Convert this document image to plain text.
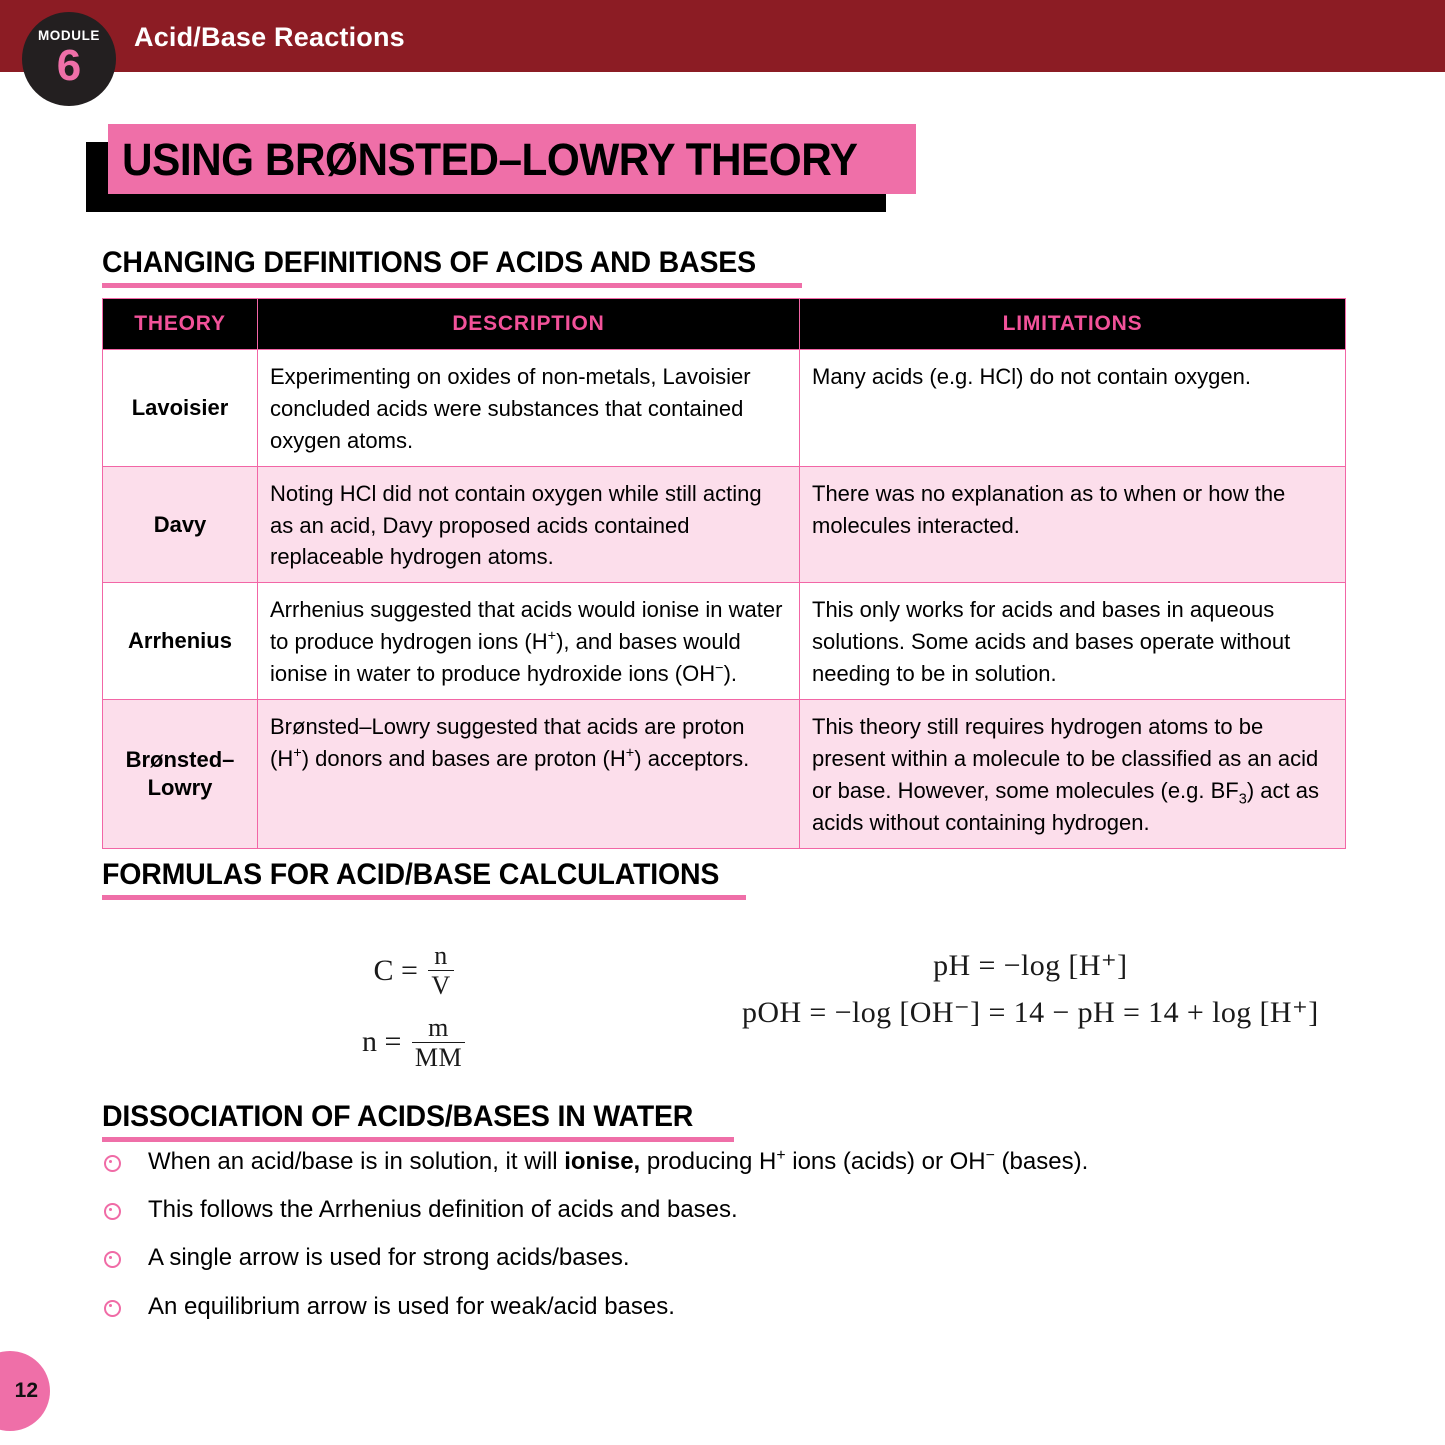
Acid/Base Reactions
MODULE
6
USING BRØNSTED–LOWRY THEORY
CHANGING DEFINITIONS OF ACIDS AND BASES
THEORY	DESCRIPTION	LIMITATIONS
Lavoisier	Experimenting on oxides of non-metals, Lavoisier concluded acids were substances that contained oxygen atoms.	Many acids (e.g. HCl) do not contain oxygen.
Davy	Noting HCl did not contain oxygen while still acting as an acid, Davy proposed acids contained replaceable hydrogen atoms.	There was no explanation as to when or how the molecules interacted.
Arrhenius	Arrhenius suggested that acids would ionise in water to produce hydrogen ions (H+), and bases would ionise in water to produce hydroxide ions (OH−).	This only works for acids and bases in aqueous solutions. Some acids and bases operate without needing to be in solution.
Brønsted–Lowry	Brønsted–Lowry suggested that acids are proton (H+) donors and bases are proton (H+) acceptors.	This theory still requires hydrogen atoms to be present within a molecule to be classified as an acid or base. However, some molecules (e.g. $BF_3$) act as acids without containing hydrogen.
FORMULAS FOR ACID/BASE CALCULATIONS
$C = \frac{n}{V}$
$n = \frac{m}{MM}$
pH = −log [H⁺]
pOH = −log [OH⁻] = 14 − pH = 14 + log [H⁺]
DISSOCIATION OF ACIDS/BASES IN WATER
When an acid/base is in solution, it will ionise, producing H+ ions (acids) or OH− (bases).
This follows the Arrhenius definition of acids and bases.
A single arrow is used for strong acids/bases.
An equilibrium arrow is used for weak/acid bases.
12
